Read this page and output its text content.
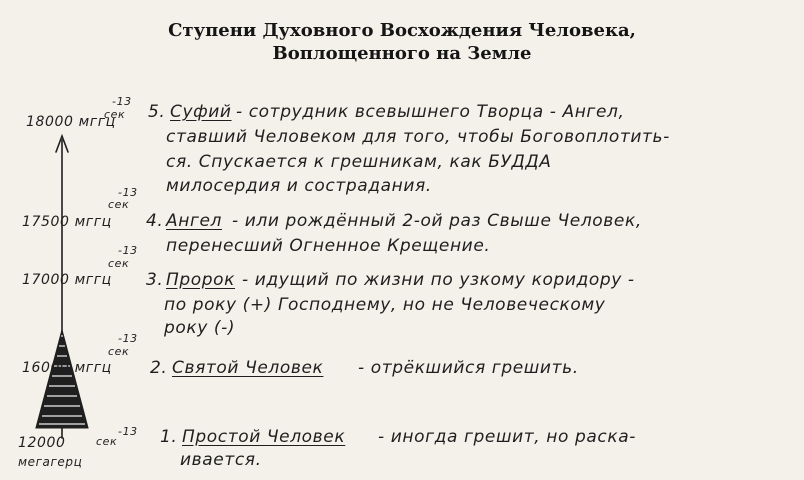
Ступени Духовного Восхождения Человека,
Воплощенного на Земле
-13
сек
18000 мггц
-13
сек
17500 мггц
-13
сек
17000 мггц
-13
сек
16000 мггц
-13
сек
12000
мегагерц
5. Суфий - сотрудник всевышнего Творца - Ангел,
ставший Человеком для того, чтобы Боговоплотить-
ся. Спускается к грешникам, как БУДДА
милосердия и сострадания.
4. Ангел - или рождённый 2-ой раз Свыше Человек,
перенесший Огненное Крещение.
3. Пророк - идущий по жизни по узкому коридору -
по року (+) Господнему, но не Человеческому
року (-)
2. Святой Человек - отрёкшийся грешить.
1. Простой Человек - иногда грешит, но раска-
ивается.
